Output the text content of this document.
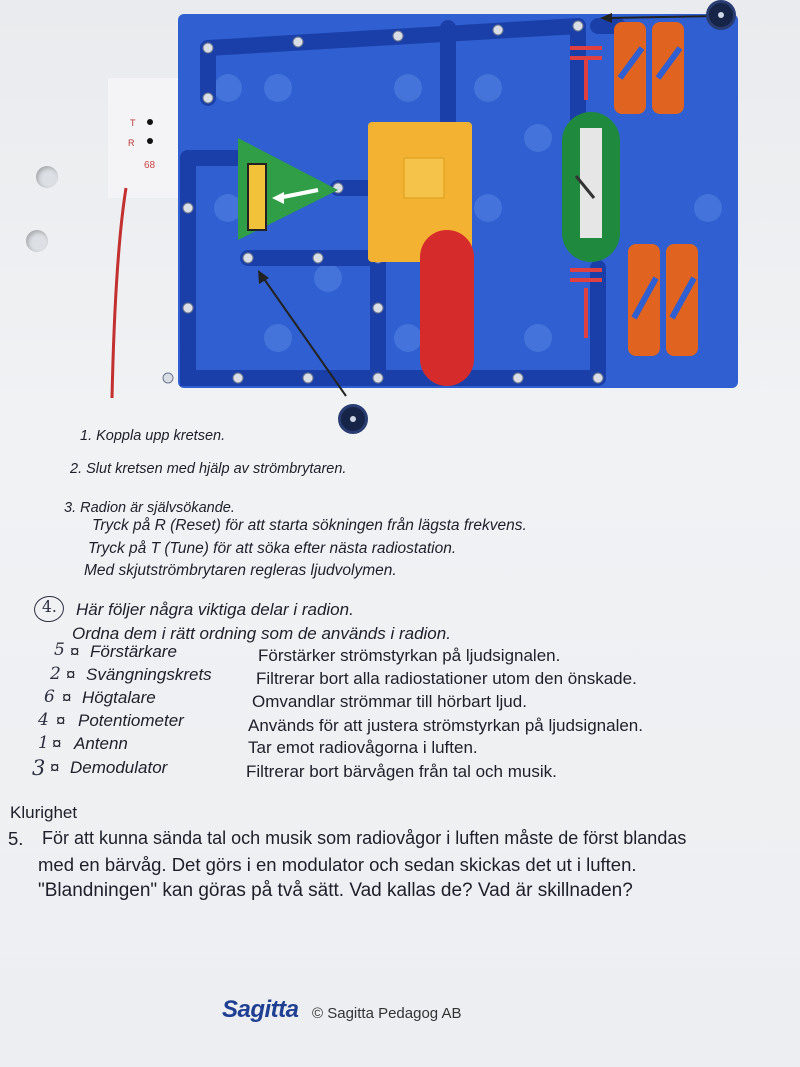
T
R
68
1. Koppla upp kretsen.
2. Slut kretsen med hjälp av strömbrytaren.
3. Radion är självsökande.
Tryck på R (Reset) för att starta sökningen från lägsta frekvens.
Tryck på T (Tune) för att söka efter nästa radiostation.
Med skjutströmbrytaren regleras ljudvolymen.
4. Här följer några viktiga delar i radion.
Ordna dem i rätt ordning som de används i radion.
5 ¤ Förstärkare	Förstärker strömstyrkan på ljudsignalen.
2 ¤ Svängningskrets	Filtrerar bort alla radiostationer utom den önskade.
6 ¤ Högtalare	Omvandlar strömmar till hörbart ljud.
4 ¤ Potentiometer	Används för att justera strömstyrkan på ljudsignalen.
1 ¤ Antenn	Tar emot radiovågorna i luften.
3 ¤ Demodulator	Filtrerar bort bärvågen från tal och musik.
Klurighet
5. För att kunna sända tal och musik som radiovågor i luften måste de först blandas
med en bärvåg. Det görs i en modulator och sedan skickas det ut i luften.
"Blandningen" kan göras på två sätt. Vad kallas de? Vad är skillnaden?
Sagitta © Sagitta Pedagog AB
